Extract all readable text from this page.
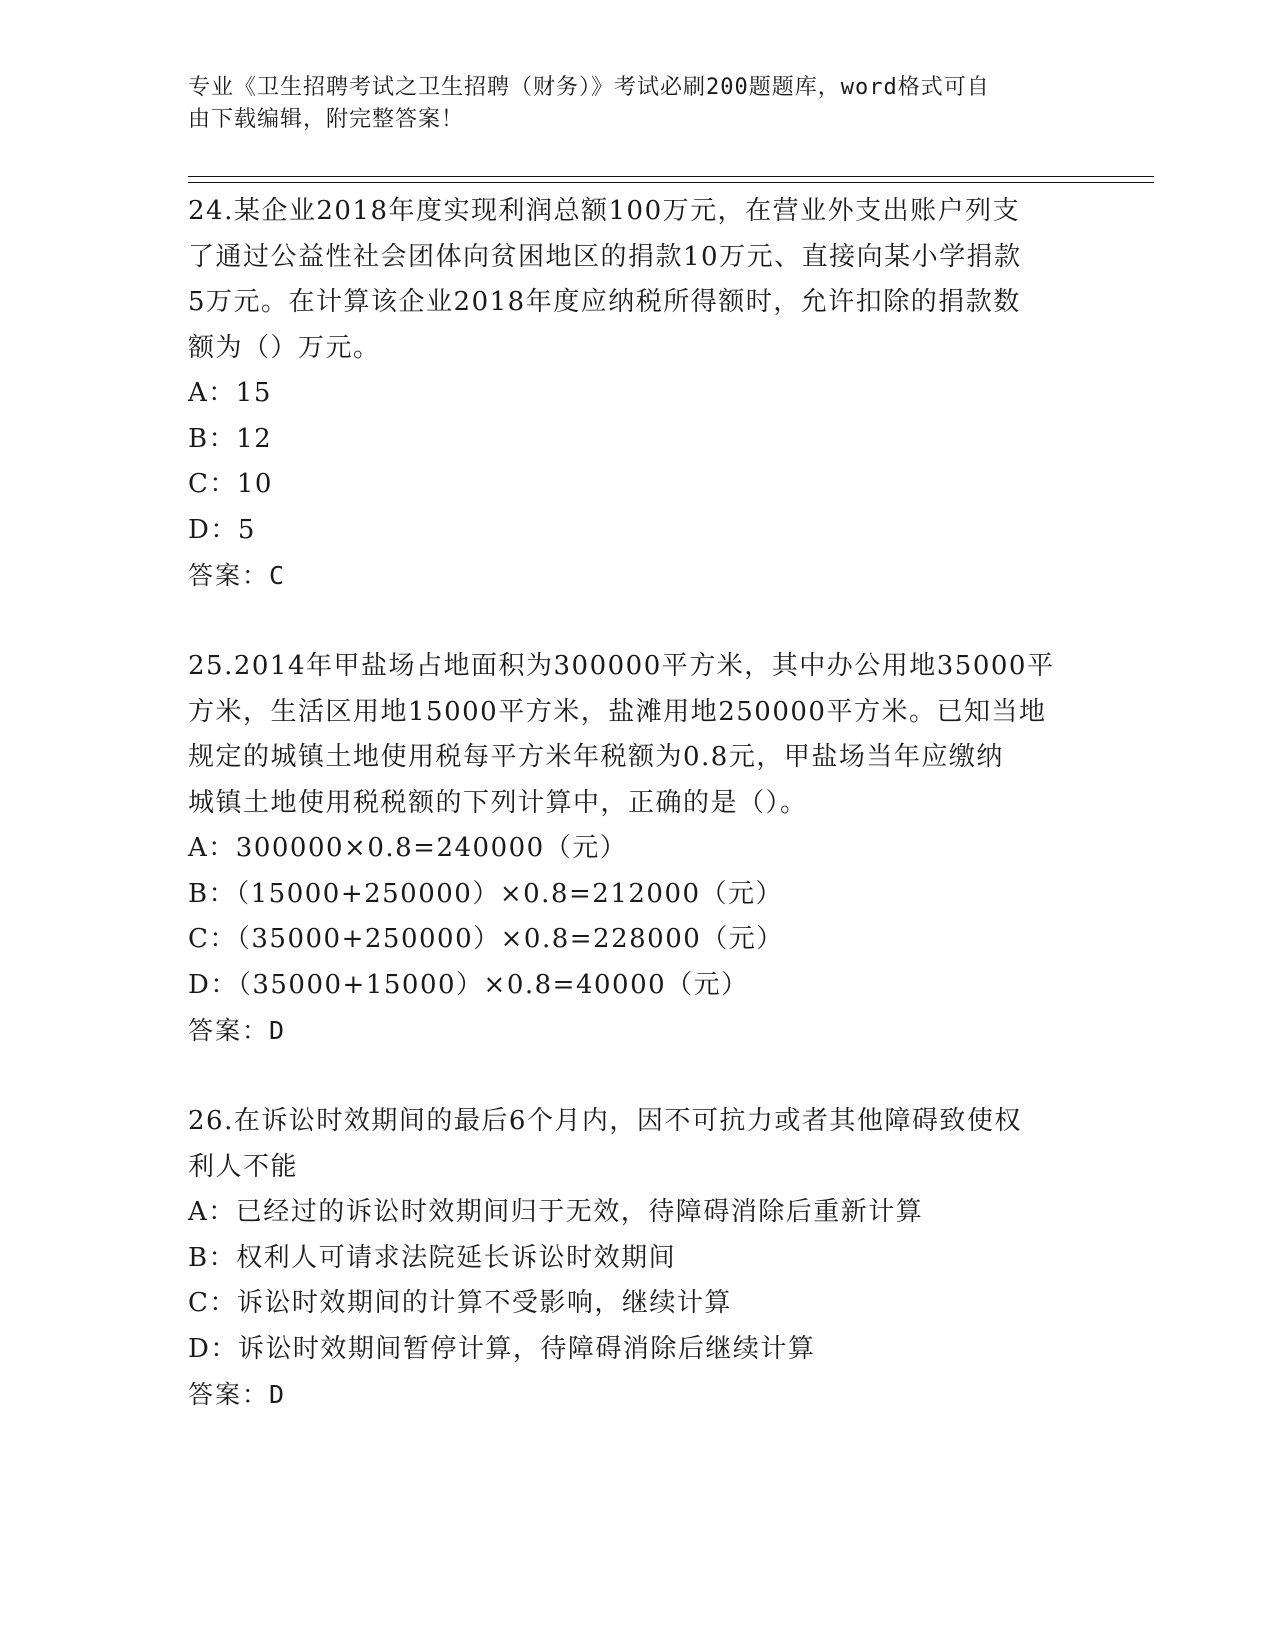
专业《卫生招聘考试之卫生招聘（财务）》考试必刷200题题库，word格式可自
由下载编辑，附完整答案！
24.某企业2018年度实现利润总额100万元，在营业外支出账户列支
了通过公益性社会团体向贫困地区的捐款10万元、直接向某小学捐款
5万元。在计算该企业2018年度应纳税所得额时，允许扣除的捐款数
额为（）万元。
A：15
B：12
C：10
D：5
答案：C
25.2014年甲盐场占地面积为300000平方米，其中办公用地35000平
方米，生活区用地15000平方米，盐滩用地250000平方米。已知当地
规定的城镇土地使用税每平方米年税额为0.8元，甲盐场当年应缴纳
城镇土地使用税税额的下列计算中，正确的是（）。
A：300000×0.8=240000（元）
B：（15000+250000）×0.8=212000（元）
C：（35000+250000）×0.8=228000（元）
D：（35000+15000）×0.8=40000（元）
答案：D
26.在诉讼时效期间的最后6个月内，因不可抗力或者其他障碍致使权
利人不能
A：已经过的诉讼时效期间归于无效，待障碍消除后重新计算
B：权利人可请求法院延长诉讼时效期间
C：诉讼时效期间的计算不受影响，继续计算
D：诉讼时效期间暂停计算，待障碍消除后继续计算
答案：D
